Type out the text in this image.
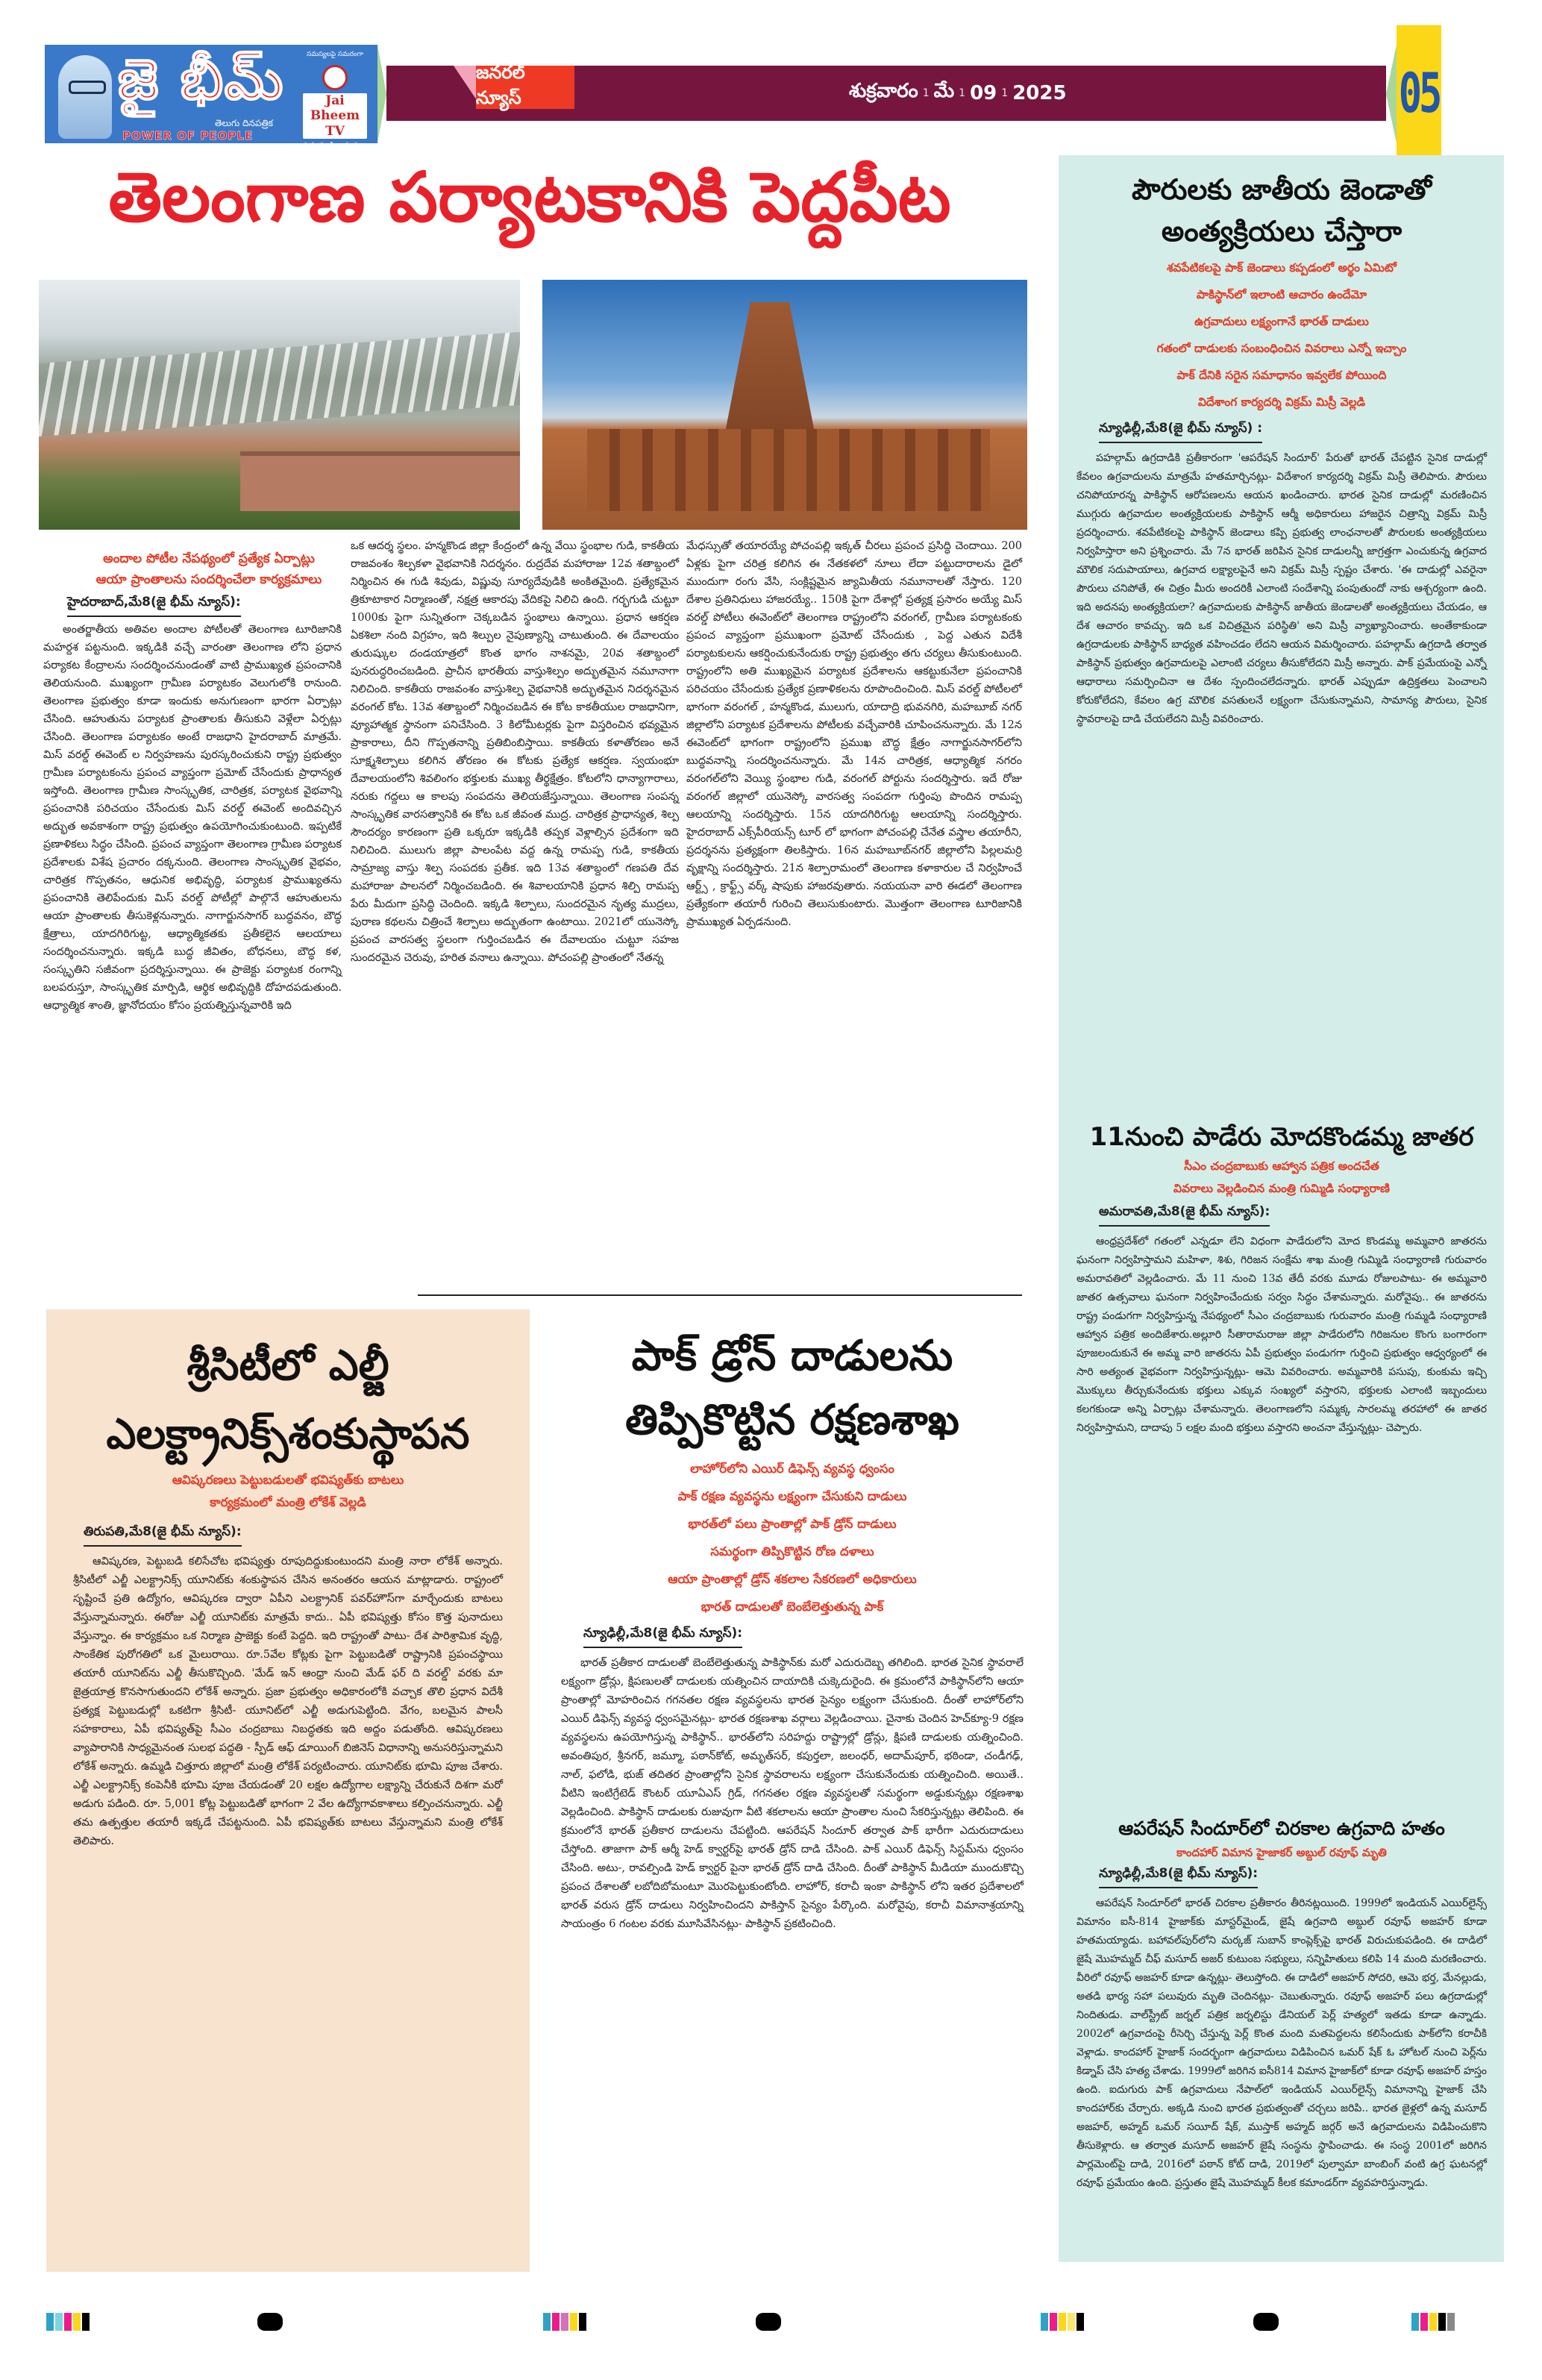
జై భీమ్
తెలుగు దినపత్రిక
POWER OF PEOPLE
సమస్యలపై సమరంగా
Jai Bheem TV
సామాన్యుడి ఆయుధంగా
జనరల్ న్యూస్	శుక్రవారం 1 మే 1 09 1 2025	05
తెలంగాణ పర్యాటకానికి పెద్దపీట
అందాల పోటీల నేపథ్యంలో ప్రత్యేక ఏర్పాట్లు
ఆయా ప్రాంతాలను సందర్శించేలా కార్యక్రమాలు
హైదరాబాద్,మే8(జై భీమ్ న్యూస్):

అంతర్జాతీయ అతివల అందాల పోటీలతో తెలంగాణ టూరిజానికి మహర్దశ పట్టనుంది. ఇక్కడికి వచ్చే వారంతా తెలంగాణ లోని ప్రధాన పర్యాకట కేంద్రాలను సందర్శించనుండంతో వాటి ప్రాముఖ్యత ప్రపంచానికి తెలియనుంది. ముఖ్యంగా గ్రామీణ పర్యాటకం వెలుగులోకి రానుంది. తెలంగాణ ప్రభుత్వం కూడా ఇందుకు అనుగుణంగా భారగా ఏర్పాట్లు చేసింది. ఆహుతును పర్యాటక ప్రాంతాలకు తీసుకుని వెళ్లేలా ఏర్పట్లు చేసింది. తెలంగాణ పర్యాటకం అంటే రాజధాని హైదరాబాద్ మాత్రమే. మిస్ వరల్డ్ ఈవెంట్ ల నిర్వహణను పురస్కరించుకుని రాష్ట్ర ప్రభుత్వం గ్రామీణ పర్యాటకంను ప్రపంచ వ్యాప్తంగా ప్రమోట్ చేసేందుకు ప్రాధాన్యత ఇస్తోంది. తెలంగాణ గ్రామీణ సాంస్కృతిక, చారిత్రక, పర్యాటక వైభవాన్ని ప్రపంచానికి పరిచయం చేసేందుకు మిస్ వరల్డ్ ఈవెంట్ అందివచ్చిన అద్భుత అవకాశంగా రాష్ట్ర ప్రభుత్వం ఉపయోగించుకుంటుంది. ఇప్పటికే ప్రణాళికలు సిద్ధం చేసింది. ప్రపంచ వ్యాప్తంగా తెలంగాణ గ్రామీణ పర్యాటక ప్రదేశాలకు విశేష ప్రచారం దక్కనుంది. తెలంగాణ సాంస్కృతిక వైభవం, చారిత్రక గొప్పతనం, ఆధునిక అభివృద్ధి, పర్యాటక ప్రాముఖ్యతను ప్రపంచానికి తెలిపేందుకు మిస్ వరల్డ్ పోటీల్లో పాల్గొనే ఆహుతులను ఆయా ప్రాంతాలకు తీసుకెళ్లనున్నారు. నాగార్జునసాగర్ బుద్ధవనం, బౌద్ధ క్షేత్రాలు, యాదగిరిగుట్ట, ఆధ్యాత్మికతకు ప్రతీకలైన ఆలయాలు సందర్శించనున్నారు. ఇక్కడి బుద్ధ జీవితం, బోధనలు, బౌద్ధ కళ, సంస్కృతిని సజీవంగా ప్రదర్శిస్తున్నాయి. ఈ ప్రాజెక్టు పర్యాటక రంగాన్ని బలపరుస్తూ, సాంస్కృతిక మార్పిడి, ఆర్థిక అభివృద్ధికి దోహదపడుతుంది. ఆధ్యాత్మిక శాంతి, జ్ఞానోదయం కోసం ప్రయత్నిస్తున్నవారికి ఇది

ఒక ఆదర్శ స్థలం. హన్మకొండ జిల్లా కేంద్రంలో ఉన్న వేయి స్థంభాల గుడి, కాకతీయ రాజవంశం శిల్పకళా వైభవానికి నిదర్శనం. రుద్రదేవ మహారాజు 12వ శతాబ్దంలో నిర్మించిన ఈ గుడి శివుడు, విష్ణువు సూర్యదేవుడికి అంకితమైంది. ప్రత్యేకమైన త్రికూటాకార నిర్మాణంతో, నక్షత్ర ఆకారపు వేదికపై నిలిచి ఉంది. గర్భగుడి చుట్టూ 1000కు పైగా సున్నితంగా చెక్కబడిన స్థంభాలు ఉన్నాయి. ప్రధాన ఆకర్షణ ఏకశిలా నంది విగ్రహం, ఇది శిల్పుల నైపుణ్యాన్ని చాటుతుంది. ఈ దేవాలయం తురుష్కుల దండయాత్రలో కొంత భాగం నాశనమై, 20వ శతాబ్దంలో పునరుద్ధరించబడింది. ప్రాచీన భారతీయ వాస్తుశిల్పం అద్భుతమైన నమూనాగా నిలిచింది. కాకతీయ రాజవంశం వాస్తుశిల్ప వైభవానికి అద్భుతమైన నిదర్శనమైన వరంగల్ కోట. 13వ శతాబ్దంలో నిర్మించబడిన ఈ కోట కాకతీయుల రాజధానిగా, వ్యూహాత్మక స్థానంగా పనిచేసింది. 3 కిలోమీటర్లకు పైగా విస్తరించిన భవ్యమైన ప్రాకారాలు, దీని గొప్పతనాన్ని ప్రతిబింబిస్తాయి. కాకతీయ కళాతోరణం అనే సూక్ష్మశిల్పాలు కలిగిన తోరణం ఈ కోటకు ప్రత్యేక ఆకర్షణ. స్వయంభూ దేవాలయంలోని శివలింగం భక్తులకు ముఖ్య తీర్థక్షేత్రం. కోటలోని ధాన్యాగారాలు, నరుకు గద్దలు ఆ కాలపు సంపదను తెలియజేస్తున్నాయి. తెలంగాణ సంపన్న సాంస్కృతిక వారసత్వానికి ఈ కోట ఒక జీవంత ముద్ర. చారిత్రక ప్రాధాన్యత, శిల్ప సౌందర్యం కారణంగా ప్రతి ఒక్కరూ ఇక్కడికి తప్పక వెళ్లాల్సిన ప్రదేశంగా ఇది నిలిచింది. ములుగు జిల్లా పాలంపేట వద్ద ఉన్న రామప్ప గుడి, కాకతీయ సామ్రాజ్య వాస్తు శిల్ప సంపదకు ప్రతీక. ఇది 13వ శతాబ్దంలో గణపతి దేవ మహారాజు పాలనలో నిర్మించబడింది. ఈ శివాలయానికి ప్రధాన శిల్పి రామప్ప పేరు మీదుగా ప్రసిద్ధి చెందింది. ఇక్కడి శిల్పాలు, సుందరమైన నృత్య ముద్రలు, పురాణ కథలను చిత్రించే శిల్పాలు అద్భుతంగా ఉంటాయి. 2021లో యునెస్కో ప్రపంచ వారసత్వ స్థలంగా గుర్తించబడిన ఈ దేవాలయం చుట్టూ సహజ సుందరమైన చెరువు, హరిత వనాలు ఉన్నాయి. పోచంపల్లి ప్రాంతంలో నేతన్న

మేధస్సుతో తయారయ్యే పోచంపల్లి ఇక్కత్ చీరలు ప్రపంచ ప్రసిద్ధి చెందాయి. 200 ఏళ్లకు పైగా చరిత్ర కలిగిన ఈ నేతకళలో నూలు లేదా పట్టుదారాలను డైలో ముందుగా రంగు వేసి, సంక్లిష్టమైన జ్యామితీయ నమూనాలతో నేస్తారు. 120 దేశాల ప్రతినిధులు హాజరయ్యే.. 150కి పైగా దేశాల్లో ప్రత్యక్ష ప్రసారం అయ్యే మిస్ వరల్డ్ పోటీలు ఈవెంట్‌లో తెలంగాణ రాష్ట్రంలోని వరంగల్, గ్రామీణ పర్యాటకంకు ప్రపంచ వ్యాప్తంగా ప్రముఖంగా ప్రమోట్ చేసేందుకు , పెద్ద ఎతున విదేశీ పర్యాటకులను ఆకర్షించుకునేందుకు రాష్ట్ర ప్రభుత్వం తగు చర్యలు తీసుకుంటుంది. రాష్ట్రంలోని అతి ముఖ్యమైన పర్యాటక ప్రదేశాలను ఆకట్టుకునేలా ప్రపంచానికి పరిచయం చేసేందుకు ప్రత్యేక ప్రణాళికలను రూపొందించింది. మిస్ వరల్డ్ పోటీలలో భాగంగా వరంగల్ , హన్మకొండ, ములుగు, యాదాద్రి భువనగిరి, మహబూబ్ నగర్ జిల్లాలోని పర్యాటక ప్రదేశాలను పోటీలకు వచ్చేవారికి చూపించనున్నారు. మే 12న ఈవెంట్‌లో భాగంగా రాష్ట్రంలోని ప్రముఖ బౌద్ధ క్షేత్రం నాగార్జునసాగర్‌లోని బుద్ధవనాన్ని సందర్శించనున్నారు. మే 14న చారిత్రక, ఆధ్యాత్మిక నగరం వరంగల్‌లోని వెయ్యి స్థంభాల గుడి, వరంగల్ పోర్టును సందర్శిస్తారు. ఇదే రోజు వరంగల్ జిల్లాలో యునెస్కో వారసత్వ సంపదగా గుర్తింపు పొందిన రామప్ప ఆలయాన్ని సందర్శిస్తారు. 15న యాదగిరిగుట్ట ఆలయాన్ని సందర్శిస్తారు. హైదరాబాద్ ఎక్స్‌పీరియన్స్ టూర్ లో భాగంగా పోచంపల్లి చేనేత వస్త్రాల తయారీని, ప్రదర్శనను ప్రత్యక్షంగా తిలకిస్తారు. 16న మహబూబ్‌నగర్ జిల్లాలోని పిల్లలమర్రి వృక్షాన్ని సందర్శిస్తారు. 21న శిల్పారామంలో తెలంగాణ కళాకారుల చే నిర్వహించే ఆర్ట్స్ , క్రాఫ్ట్స్ వర్క్ షాపుకు హాజరవుతారు. నయయనా వారి ఈడలో తెలంగాణ ప్రత్యేకంగా తయారీ గురించి తెలుసుకుంటారు. మొత్తంగా తెలంగాణ టూరిజానికి ప్రాముఖ్యత ఏర్పడనుంది.

పౌరులకు జాతీయ జెండాతో అంత్యక్రియలు చేస్తారా
శవపేటికలపై పాక్ జెండాలు కప్పడంలో అర్థం ఏమిటో
పాకిస్థాన్‌లో ఇలాంటి ఆచారం ఉందేమో
ఉగ్రవాదులు లక్ష్యంగానే భారత్ దాడులు
గతంలో దాడులకు సంబంధించిన వివరాలు ఎన్నో ఇచ్చాం
పాక్ దేనికి సరైన సమాధానం ఇవ్వలేక పోయింది
విదేశాంగ కార్యదర్శి విక్రమ్ మిస్రీ వెల్లడి
న్యూఢిల్లీ,మే8(జై భీమ్ న్యూస్) :

పహల్గామ్ ఉగ్రదాడికి ప్రతీకారంగా 'ఆపరేషన్ సిందూర్' పేరుతో భారత్ చేపట్టిన సైనిక దాడుల్లో కేవలం ఉగ్రవాదులను మాత్రమే హతమార్చినట్లు- విదేశాంగ కార్యదర్శి విక్రమ్ మిస్రీ తెలిపారు. పౌరులు చనిపోయారన్న పాకిస్థాన్ ఆరోపణలను ఆయన ఖండించారు. భారత సైనిక దాడుల్లో మరణించిన ముగ్గురు ఉగ్రవాదుల అంత్యక్రియలకు పాకిస్థాన్ ఆర్మీ అధికారులు హాజరైన చిత్రాన్ని విక్రమ్ మిస్రీ ప్రదర్శించారు. శవపేటికలపై పాకిస్థాన్ జెండాలు కప్పి ప్రభుత్వ లాంఛనాలతో పౌరులకు అంత్యక్రియలు నిర్వహిస్తారా అని ప్రశ్నించారు. మే 7న భారత్ జరిపిన సైనిక దాడులన్నీ జాగ్రత్తగా ఎంచుకున్న ఉగ్రవాద మౌలిక సదుపాయాలు, ఉగ్రవాద లక్ష్యాలపైనే అని విక్రమ్ మిస్రీ స్పష్టం చేశారు. 'ఈ దాడుల్లో ఎవరైనా పౌరులు చనిపోతే, ఈ చిత్రం మీరు అందరికీ ఎలాంటి సందేశాన్ని పంపుతుందో నాకు ఆశ్చర్యంగా ఉంది. ఇది అదనపు అంత్యక్రియలా? ఉగ్రవాదులకు పాకిస్థాన్ జాతీయ జెండాలతో అంత్యక్రియలు చేయడం, ఆ దేశ ఆచారం కావచ్చు. ఇది ఒక విచిత్రమైన పరిస్థితి' అని మిస్రీ వ్యాఖ్యానించారు. అంతేకాకుండా ఉగ్రదాడులకు పాకిస్థాన్ బాధ్యత వహించడం లేదని ఆయన విమర్శించారు. పహల్గామ్ ఉగ్రదాడి తర్వాత పాకిస్థాన్ ప్రభుత్వం ఉగ్రవాదులపై ఎలాంటి చర్యలు తీసుకోలేదని మిస్రీ అన్నారు. పాక్ ప్రమేయంపై ఎన్నో ఆధారాలు సమర్పించినా ఆ దేశం స్పందించలేదన్నారు. భారత్ ఎప్పుడూ ఉద్రిక్తతలు పెంచాలని కోరుకోలేదని, కేవలం ఉగ్ర మౌలిక వసతులనే లక్ష్యంగా చేసుకున్నామని, సామాన్య పౌరులు, సైనిక స్థావరాలపై దాడి చేయలేదని మిస్రీ వివరించారు.

11నుంచి పాడేరు మోదకొండమ్మ జాతర
సీఎం చంద్రబాబుకు ఆహ్వాన పత్రిక అందచేత
వివరాలు వెల్లడించిన మంత్రి గుమ్మిడి సంధ్యారాణి
అమరావతి,మే8(జై భీమ్ న్యూస్):

ఆంధ్రప్రదేశ్‌లో గతంలో ఎన్నడూ లేని విధంగా పాడేరులోని మోద కొండమ్మ అమ్మవారి జాతరను ఘనంగా నిర్వహిస్తామని మహిళా, శిశు, గిరిజన సంక్షేమ శాఖ మంత్రి గుమ్మిడి సంధ్యారాణి గురువారం అమరావతిలో వెల్లడించారు. మే 11 నుంచి 13వ తేదీ వరకు మూడు రోజులపాటు- ఈ అమ్మవారి జాతర ఉత్సవాలు ఘనంగా నిర్వహించేందుకు సర్వం సిద్ధం చేశామన్నారు. మరోవైపు.. ఈ జాతరను రాష్ట్ర పండుగగా నిర్వహిస్తున్న నేపథ్యంలో సీఎం చంద్రబాబుకు గురువారం మంత్రి గుమ్మడి సంధ్యారాణి ఆహ్వాన పత్రిక అందిజేశారు.అల్లూరి సీతారామరాజు జిల్లా పాడేరులోని గిరిజనుల కొంగు బంగారంగా పూజలందుకునే ఈ అమ్మ వారి జాతరను ఏపీ ప్రభుత్వం పండుగగా గుర్తించి ప్రభుత్వం ఆధ్వర్యంలో ఈ సారి అత్యంత వైభవంగా నిర్వహిస్తున్నట్లు- ఆమె వివరించారు. అమ్మవారికి పసుపు, కుంకుమ ఇచ్చి మొక్కులు తీర్చుకునేందుకు భక్తులు ఎక్కువ సంఖ్యలో వస్తారని, భక్తులకు ఎలాంటి ఇబ్బందులు కలగకుండా అన్ని ఏర్పాట్లు చేశామన్నారు. తెలంగాణలోని సమ్మక్క సారలమ్మ తరహాలో ఈ జాతర నిర్వహిస్తామని, దాదాపు 5 లక్షల మంది భక్తులు వస్తారని అంచనా వేస్తున్నట్లు- చెప్పారు.

ఆపరేషన్ సిందూర్‌లో చిరకాల ఉగ్రవాది హతం
కాందహార్ విమాన హైజాకర్ అబ్దుల్ రవూఫ్ మృతి
న్యూఢిల్లీ,మే8(జై భీమ్ న్యూస్):

ఆపరేషన్ సిందూర్‌లో భారత్ చిరకాల ప్రతీకారం తీరినట్లయింది. 1999లో ఇండియన్ ఎయిర్‌లైన్స్ విమానం ఐసీ-814 హైజాక్‌కు మాస్టర్‌మైండ్, జైషే ఉగ్రవాది అబ్దుల్ రవూఫ్ అజహర్ కూడా హతమయ్యాడు. బహావల్‌పుర్‌లోని మర్కజ్ సుబాన్ కాంప్లెక్స్‌పై భారత్ విరుచుకుపడింది. ఈ దాడిలో జైషే మొహమ్మద్ చీఫ్ మసూద్ అజర్ కుటుంబ సభ్యులు, సన్నిహితులు కలిపి 14 మంది మరణించారు. వీరిలో రవూఫ్ అజహర్ కూడా ఉన్నట్లు- తెలుస్తోంది. ఈ దాడిలో అజహర్ సోదరి, ఆమె భర్త, మేనల్లుడు, అతడి భార్య సహా పలువురు మృతి చెందినట్లు- చెబుతున్నారు. రవూఫ్ అజహర్ పలు ఉగ్రదాడుల్లో నిందితుడు. వాల్‌స్ట్రీట్ జర్నల్ పత్రిక జర్నలిస్టు డేనియల్ పెర్ల్ హత్యలో ఇతడు కూడా ఉన్నాడు. 2002లో ఉగ్రవాదంపై రీసెర్చి చేస్తున్న పెర్ల్ కొంత మంది మతపెద్దలను కలిసేందుకు పాక్‌లోని కరాచీకి వెళ్లాడు. కాందహార్ హైజాక్ సందర్భంగా ఉగ్రవాదులు విడిపించిన ఒమర్ షేక్ ఓ హోటల్ నుంచి పెర్ల్‌ను కిడ్నాప్ చేసి హత్య చేశాడు. 1999లో జరిగిన ఐసీ814 విమాన హైజాక్‌లో కూడా రవూఫ్ అజహర్ హస్తం ఉంది. ఐదుగురు పాక్ ఉగ్రవాదులు నేపాల్‌లో ఇండియన్ ఎయిర్‌లైన్స్ విమానాన్ని హైజాక్ చేసి కాందహార్‌కు చేర్చారు. అక్కడి నుంచి భారత ప్రభుత్వంతో చర్చలు జరిపి.. భారత జైళ్లలో ఉన్న మసూద్ అజహర్, అహ్మద్ ఒమర్ సయీద్ షేక్, ముస్తాక్ అహ్మద్ జర్గర్ అనే ఉగ్రవాదులను విడిపించుకొని తీసుకెళ్లారు. ఆ తర్వాత మసూద్ అజహర్ జైషే సంస్థను స్థాపించాడు. ఈ సంస్థ 2001లో జరిగిన పార్లమెంట్‌పై దాడి, 2016లో పఠాన్ కోట్ దాడి, 2019లో పుల్వామా బాంబింగ్ వంటి ఉగ్ర ఘటనల్లో రవూఫ్ ప్రమేయం ఉంది. ప్రస్తుతం జైషే మొహమ్మద్ కీలక కమాండర్‌గా వ్యవహరిస్తున్నాడు.

శ్రీసిటీలో ఎల్జీ ఎలక్ట్రానిక్స్‌శంకుస్థాపన
ఆవిష్కరణలు పెట్టుబడులతో భవిష్యత్‌కు బాటలు
కార్యక్రమంలో మంత్రి లోకేశ్ వెల్లడి
తిరుపతి,మే8(జై భీమ్ న్యూస్):

ఆవిష్కరణ, పెట్టుబడి కలిసేచోట భవిష్యత్తు రూపుదిద్దుకుంటుందని మంత్రి నారా లోకేశ్ అన్నారు. శ్రీసిటీలో ఎల్జీ ఎలక్ట్రానిక్స్ యూనిట్‌కు శంకుస్థాపన చేసిన అనంతరం ఆయన మాట్లాడారు. రాష్ట్రంలో సృష్టించే ప్రతి ఉద్యోగం, ఆవిష్కరణ ద్వారా ఏపీని ఎలక్ట్రానిక్ పవర్‌హౌస్‌గా మార్చేందుకు బాటలు వేస్తున్నామన్నారు. ఈరోజు ఎల్జీ యూనిట్‌కు మాత్రమే కాదు.. ఏపీ భవిష్యత్తు కోసం కొత్త పునాదులు వేస్తున్నాం. ఈ కార్యక్రమం ఒక నిర్మాణ ప్రాజెక్టు కంటే పెద్దది. ఇది రాష్ట్రంతో పాటు- దేశ పారిశ్రామిక వృద్ధి, సాంకేతిక పురోగతిలో ఒక మైలురాయి. రూ.5వేల కోట్లకు పైగా పెట్టుబడితో రాష్ట్రానికి ప్రపంచస్థాయి తయారీ యూనిట్‌ను ఎల్జీ తీసుకొచ్చింది. 'మేడ్ ఇన్ ఆంధ్రా నుంచి మేడ్ ఫర్ ది వరల్డ్' వరకు మా జైత్రయాత్ర కొనసాగుతుందని లోకేశ్ అన్నారు. ప్రజా ప్రభుత్వం అధికారంలోకి వచ్చాక తొలి ప్రధాన విదేశీ ప్రత్యక్ష పెట్టుబడుల్లో ఒకటిగా శ్రీసిటీ- యూనిట్‌లో ఎల్జీ అడుగుపెట్టింది. వేగం, బలమైన పాలసీ సహకారాలు, ఏపీ భవిష్యత్‌పై సీఎం చంద్రబాబు నిబద్ధతకు ఇది అద్దం పడుతోంది. ఆవిష్కరణలు వ్యాపారానికి సాధ్యమైనంత సులభ పద్ధతి - స్పీడ్ ఆఫ్ డూయింగ్ బిజినెస్ విధానాన్ని అనుసరిస్తున్నామని లోకేశ్ అన్నారు. ఉమ్మడి చిత్తూరు జిల్లాలో మంత్రి లోకేశ్ పర్యటించారు. యూనిట్‌కు భూమి పూజ చేశారు. ఎల్జీ ఎలక్ట్రానిక్స్ కంపెనీకి భూమి పూజ చేయడంతో 20 లక్షల ఉద్యోగాల లక్ష్యాన్ని చేరుకునే దిశగా మరో అడుగు పడింది. రూ. 5,001 కోట్ల పెట్టుబడితో భాగంగా 2 వేల ఉద్యోగావకాశాలు కల్పించనున్నారు. ఎల్జీ తమ ఉత్పత్తుల తయారీ ఇక్కడే చేపట్టనుంది. ఏపీ భవిష్యత్‌కు బాటలు వేస్తున్నామని మంత్రి లోకేశ్ తెలిపారు.

పాక్ డ్రోన్ దాడులను తిప్పికొట్టిన రక్షణశాఖ
లాహోర్‌లోని ఎయిర్ డిఫెన్స్ వ్యవస్థ ధ్వంసం
పాక్ రక్షణ వ్యవస్థను లక్ష్యంగా చేసుకుని దాడులు
భారత్‌లో పలు ప్రాంతాల్లో పాక్ డ్రోన్ దాడులు
సమర్థంగా తిప్పికొట్టిన రోణ దళాలు
ఆయా ప్రాంతాల్లో డ్రోన్ శకలాల సేకరణలో అధికారులు
భారత్ దాడులతో బెంబేలెత్తుతున్న పాక్
న్యూఢిల్లీ,మే8(జై భీమ్ న్యూస్):

భారత్ ప్రతీకార దాడులతో బెంబేలెత్తుతున్న పాకిస్థాన్‌కు మరో ఎదురుదెబ్బ తగిలింది. భారత సైనిక స్థావరాలే లక్ష్యంగా డ్రోన్లు, క్షిపణులతో దాడులకు యత్నించిన దాయాదికి చుక్కెదురైంది. ఈ క్రమంలోనే పాకిస్థాన్‌లోని ఆయా ప్రాంతాల్లో మోహరించిన గగనతల రక్షణ వ్యవస్థలను భారత సైన్యం లక్ష్యంగా చేసుకుంది. దీంతో లాహోర్‌లోని ఎయిర్ డిఫెన్స్ వ్యవస్థ ధ్వంసమైనట్లు- భారత రక్షణశాఖ వర్గాలు వెల్లడించాయి. చైనాకు చెందిన హెచ్‌క్యూ-9 రక్షణ వ్యవస్థలను ఉపయోగిస్తున్న పాకిస్థాన్.. భారత్‌లోని సరిహద్దు రాష్ట్రాల్లో డ్రోన్లు, క్షిపణి దాడులకు యత్నించింది. అవంతిపుర, శ్రీనగర్, జమ్మూ, పఠాన్‌కోట్, అమృత్‌సర్, కపుర్తలా, జలంధర్, అదామ్‌పూర్, భఠిండా, చండీగఢ్, నాల్, ఫలోడి, భుజ్ తదితర ప్రాంతాల్లోని సైనిక స్థావరాలను లక్ష్యంగా చేసుకునేందుకు యత్నించింది. అయితే.. వీటిని ఇంటిగ్రేటెడ్ కౌంటర్ యూఏఎస్ గ్రిడ్, గగనతల రక్షణ వ్యవస్థలతో సమర్థంగా అడ్డుకున్నట్లు రక్షణశాఖ వెల్లడించింది. పాకిస్థాన్ దాడులకు రుజువుగా వీటి శకలాలను ఆయా ప్రాంతాల నుంచి సేకరిస్తున్నట్లు తెలిపింది. ఈ క్రమంలోనే భారత్ ప్రతీకార దాడులను చేపట్టింది. ఆపరేషన్ సిందూర్ తర్వాత పాక్ భారీగా ఎదురుదాడులు చేస్తోంది. తాజాగా పాక్ ఆర్మీ హెడ్ క్వార్టర్‌పై భారత్ డ్రోన్ దాడి చేసింది. పాక్ ఎయిర్ డిఫెన్స్ సిస్టమ్‌ను ధ్వంసం చేసింది. అటు-, రావల్పిండి హెడ్ క్వార్టర్ పైనా భారత్ డ్రోన్ దాడి చేసింది. దీంతో పాకిస్థాన్ మీడియా ముందుకొచ్చి ప్రపంచ దేశాలతో లబోదిబోమంటూ మొరపెట్టుకుంటోంది. లాహోర్, కరాచీ ఇంకా పాకిస్థాన్ లోని ఇతర ప్రదేశాలలో భారత్ వరుస డ్రోన్ దాడులు నిర్వహించిందని పాకిస్తాన్ సైన్యం పేర్కొంది. మరోవైపు, కరాచీ విమానాశ్రయాన్ని సాయంత్రం 6 గంటల వరకు మూసివేసినట్లు- పాకిస్థాన్ ప్రకటించింది.
